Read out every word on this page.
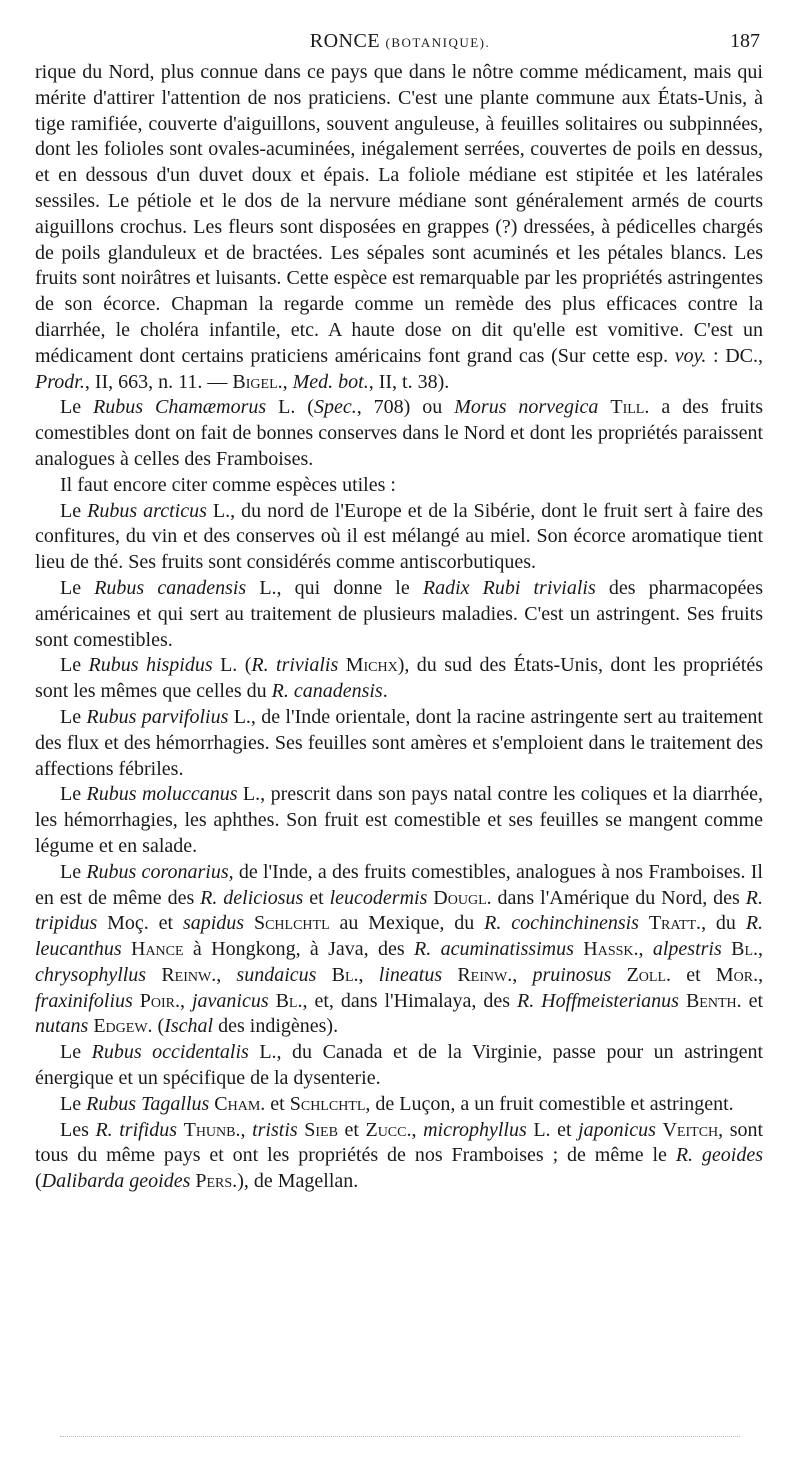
RONCE (BOTANIQUE).	187

rique du Nord, plus connue dans ce pays que dans le nôtre comme médicament, mais qui mérite d'attirer l'attention de nos praticiens. C'est une plante commune aux États-Unis, à tige ramifiée, couverte d'aiguillons, souvent anguleuse, à feuilles solitaires ou subpinnées, dont les folioles sont ovales-acuminées, inégalement serrées, couvertes de poils en dessus, et en dessous d'un duvet doux et épais. La foliole médiane est stipitée et les latérales sessiles. Le pétiole et le dos de la nervure médiane sont généralement armés de courts aiguillons crochus. Les fleurs sont disposées en grappes (?) dressées, à pédicelles chargés de poils glanduleux et de bractées. Les sépales sont acuminés et les pétales blancs. Les fruits sont noirâtres et luisants. Cette espèce est remarquable par les propriétés astringentes de son écorce. Chapman la regarde comme un remède des plus efficaces contre la diarrhée, le choléra infantile, etc. A haute dose on dit qu'elle est vomitive. C'est un médicament dont certains praticiens américains font grand cas (Sur cette esp. voy. : DC., Prodr., II, 663, n. 11. — Bigel., Med. bot., II, t. 38).

Le Rubus Chamæmorus L. (Spec., 708) ou Morus norvegica Till. a des fruits comestibles dont on fait de bonnes conserves dans le Nord et dont les propriétés paraissent analogues à celles des Framboises.

Il faut encore citer comme espèces utiles :

Le Rubus arcticus L., du nord de l'Europe et de la Sibérie, dont le fruit sert à faire des confitures, du vin et des conserves où il est mélangé au miel. Son écorce aromatique tient lieu de thé. Ses fruits sont considérés comme antiscorbutiques.

Le Rubus canadensis L., qui donne le Radix Rubi trivialis des pharmacopées américaines et qui sert au traitement de plusieurs maladies. C'est un astringent. Ses fruits sont comestibles.

Le Rubus hispidus L. (R. trivialis Michx), du sud des États-Unis, dont les propriétés sont les mêmes que celles du R. canadensis.

Le Rubus parvifolius L., de l'Inde orientale, dont la racine astringente sert au traitement des flux et des hémorrhagies. Ses feuilles sont amères et s'emploient dans le traitement des affections fébriles.

Le Rubus moluccanus L., prescrit dans son pays natal contre les coliques et la diarrhée, les hémorrhagies, les aphthes. Son fruit est comestible et ses feuilles se mangent comme légume et en salade.

Le Rubus coronarius, de l'Inde, a des fruits comestibles, analogues à nos Framboises. Il en est de même des R. deliciosus et leucodermis Dougl. dans l'Amérique du Nord, des R. tripidus Moç. et sapidus Schlchtl au Mexique, du R. cochinchinensis Tratt., du R. leucanthus Hance à Hongkong, à Java, des R. acuminatissimus Hassk., alpestris Bl., chrysophyllus Reinw., sundaicus Bl., lineatus Reinw., pruinosus Zoll. et Mor., fraxinifolius Poir., javanicus Bl., et, dans l'Himalaya, des R. Hoffmeisterianus Benth. et nutans Edgew. (Ischal des indigènes).

Le Rubus occidentalis L., du Canada et de la Virginie, passe pour un astringent énergique et un spécifique de la dysenterie.

Le Rubus Tagallus Cham. et Schlchtl, de Luçon, a un fruit comestible et astringent.

Les R. trifidus Thunb., tristis Sieb et Zucc., microphyllus L. et japonicus Veitch, sont tous du même pays et ont les propriétés de nos Framboises ; de même le R. geoides (Dalibarda geoides Pers.), de Magellan.
